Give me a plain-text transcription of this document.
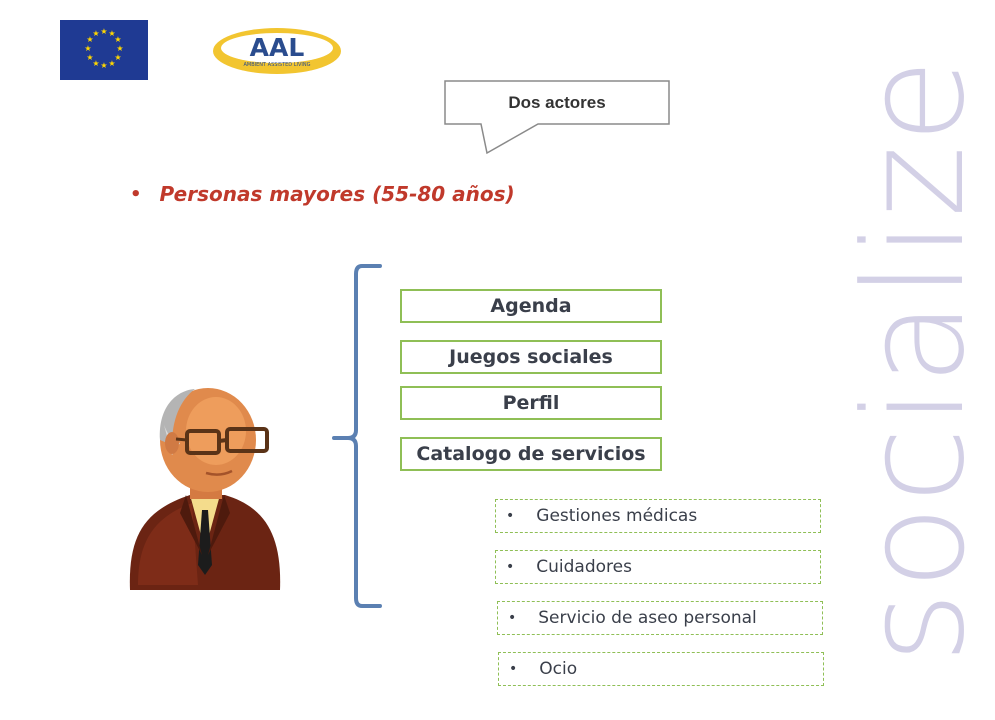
★ ★
★
★
★
★
★
★
★
★
★
★	AAL
AMBIENT ASSISTED LIVING	socialize
Dos actores
• Personas mayores (55-80 años)
Agenda
Juegos sociales
Perfil
Catalogo de servicios
• Gestiones médicas
• Cuidadores
• Servicio de aseo personal
• Ocio
